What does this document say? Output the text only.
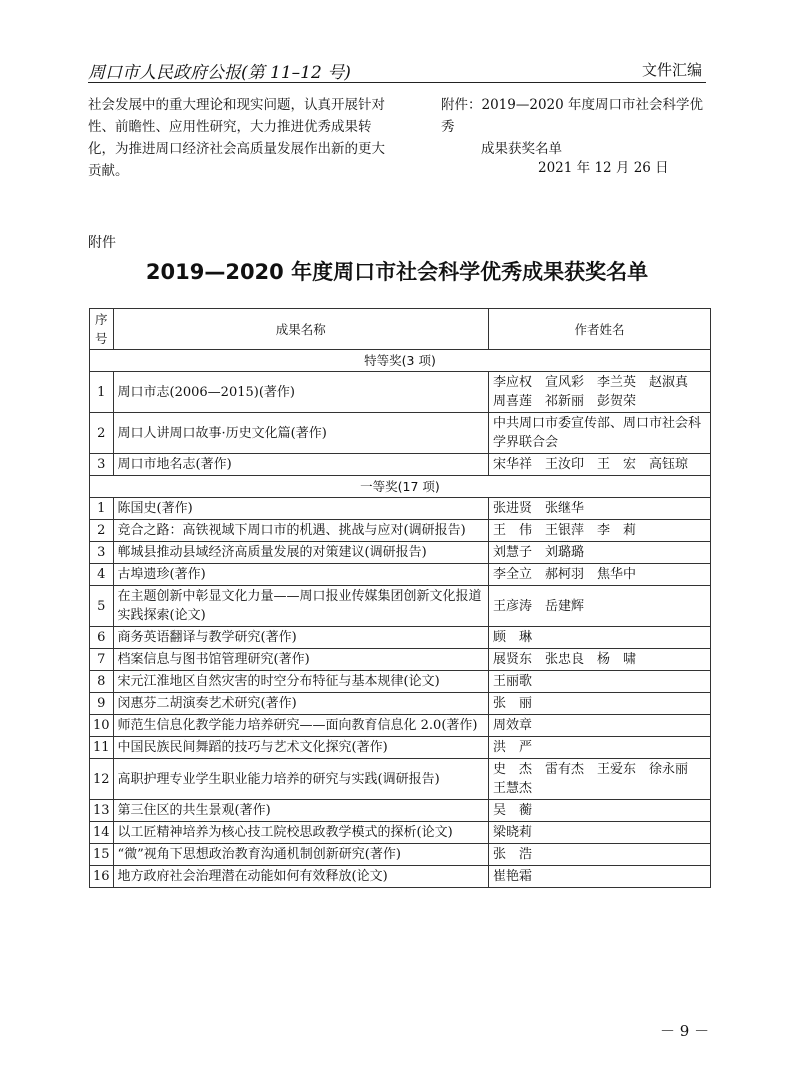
周口市人民政府公报(第 11–12 号)	文件汇编
社会发展中的重大理论和现实问题，认真开展针对性、前瞻性、应用性研究，大力推进优秀成果转化，为推进周口经济社会高质量发展作出新的更大贡献。
附件：2019—2020 年度周口市社会科学优秀
成果获奖名单
2021 年 12 月 26 日
附件
2019—2020 年度周口市社会科学优秀成果获奖名单
序号	成果名称	作者姓名
特等奖(3 项)		
1	周口市志(2006—2015)(著作)	李应权　宣风彩　李兰英　赵淑真　周喜莲　祁新丽　彭贺荣
2	周口人讲周口故事·历史文化篇(著作)	中共周口市委宣传部、周口市社会科学界联合会
3	周口市地名志(著作)	宋华祥　王汝印　王　宏　高钰琼
一等奖(17 项)		
1	陈国史(著作)	张进贤　张继华
2	竞合之路：高铁视域下周口市的机遇、挑战与应对(调研报告)	王　伟　王银萍　李　莉
3	郸城县推动县域经济高质量发展的对策建议(调研报告)	刘慧子　刘璐璐
4	古埠遗珍(著作)	李全立　郝柯羽　焦华中
5	在主题创新中彰显文化力量——周口报业传媒集团创新文化报道实践探索(论文)	王彦涛　岳建辉
6	商务英语翻译与教学研究(著作)	顾　琳
7	档案信息与图书馆管理研究(著作)	展贤东　张忠良　杨　啸
8	宋元江淮地区自然灾害的时空分布特征与基本规律(论文)	王丽歌
9	闵惠芬二胡演奏艺术研究(著作)	张　丽
10	师范生信息化教学能力培养研究——面向教育信息化 2.0(著作)	周效章
11	中国民族民间舞蹈的技巧与艺术文化探究(著作)	洪　严
12	高职护理专业学生职业能力培养的研究与实践(调研报告)	史　杰　雷有杰　王爱东　徐永丽　王慧杰
13	第三住区的共生景观(著作)	吴　蘅
14	以工匠精神培养为核心技工院校思政教学模式的探析(论文)	梁晓莉
15	“微”视角下思想政治教育沟通机制创新研究(著作)	张　浩
16	地方政府社会治理潜在动能如何有效释放(论文)	崔艳霜
－ 9 －
